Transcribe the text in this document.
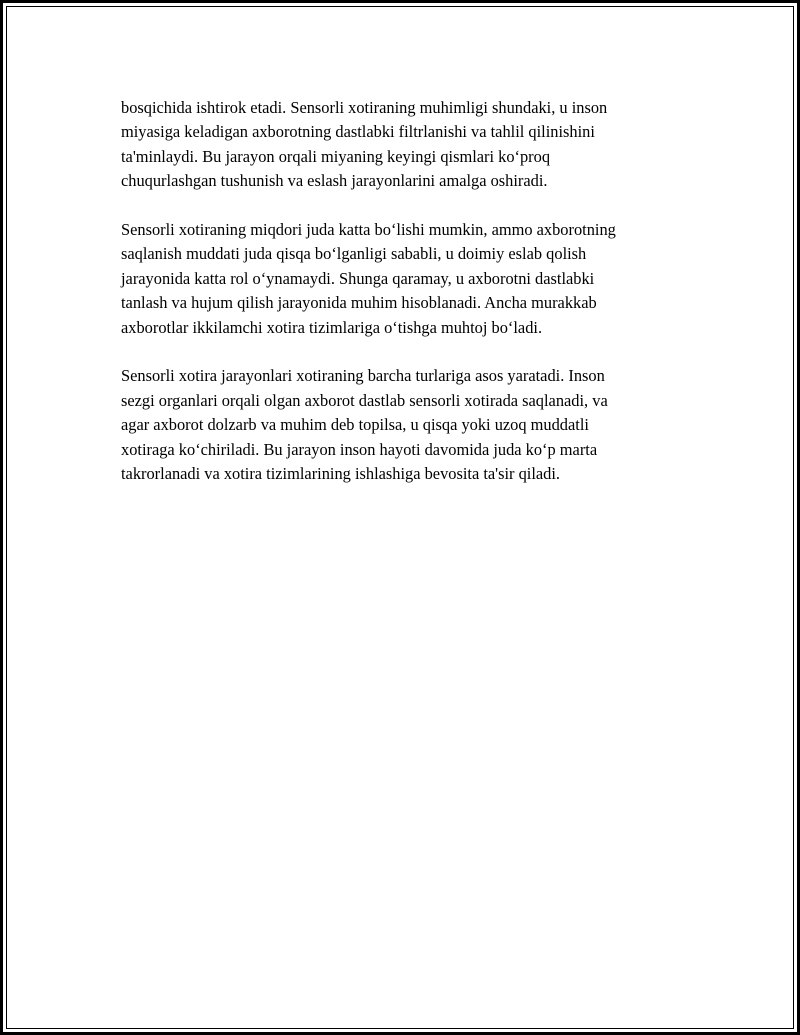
bosqichida ishtirok etadi. Sensorli xotiraning muhimligi shundaki, u inson
miyasiga keladigan axborotning dastlabki filtrlanishi va tahlil qilinishini
ta'minlaydi. Bu jarayon orqali miyaning keyingi qismlari ko‘proq
chuqurlashgan tushunish va eslash jarayonlarini amalga oshiradi.

Sensorli xotiraning miqdori juda katta bo‘lishi mumkin, ammo axborotning
saqlanish muddati juda qisqa bo‘lganligi sababli, u doimiy eslab qolish
jarayonida katta rol o‘ynamaydi. Shunga qaramay, u axborotni dastlabki
tanlash va hujum qilish jarayonida muhim hisoblanadi. Ancha murakkab
axborotlar ikkilamchi xotira tizimlariga o‘tishga muhtoj bo‘ladi.

Sensorli xotira jarayonlari xotiraning barcha turlariga asos yaratadi. Inson
sezgi organlari orqali olgan axborot dastlab sensorli xotirada saqlanadi, va
agar axborot dolzarb va muhim deb topilsa, u qisqa yoki uzoq muddatli
xotiraga ko‘chiriladi. Bu jarayon inson hayoti davomida juda ko‘p marta
takrorlanadi va xotira tizimlarining ishlashiga bevosita ta'sir qiladi.
